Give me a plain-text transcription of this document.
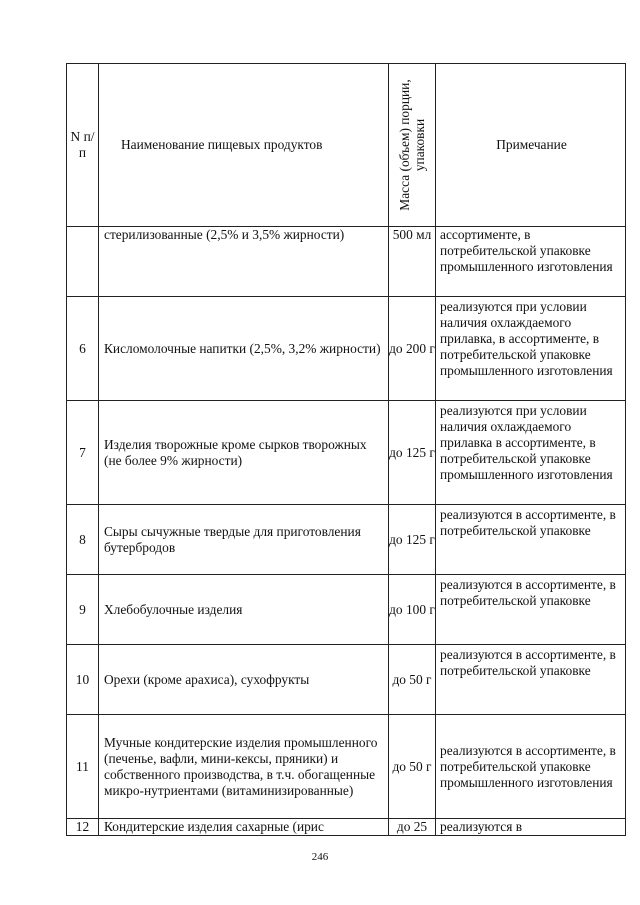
N п/п	Наименование пищевых продуктов	Масса (объем) порции, упаковки	Примечание
	стерилизованные (2,5% и 3,5% жирности)	500 мл	ассортименте, в потребительской упаковке промышленного изготовления
6	Кисломолочные напитки (2,5%, 3,2% жирности)	до 200 г	реализуются при условии наличия охлаждаемого прилавка, в ассортименте, в потребительской упаковке промышленного изготовления
7	Изделия творожные кроме сырков творожных (не более 9% жирности)	до 125 г	реализуются при условии наличия охлаждаемого прилавка в ассортименте, в потребительской упаковке промышленного изготовления
8	Сыры сычужные твердые для приготовления бутербродов	до 125 г	реализуются в ассортименте, в потребительской упаковке
9	Хлебобулочные изделия	до 100 г	реализуются в ассортименте, в потребительской упаковке
10	Орехи (кроме арахиса), сухофрукты	до 50 г	реализуются в ассортименте, в потребительской упаковке
11	Мучные кондитерские изделия промышленного (печенье, вафли, мини-кексы, пряники) и собственного производства, в т.ч. обогащенные микро-нутриентами (витаминизированные)	до 50 г	реализуются в ассортименте, в потребительской упаковке промышленного изготовления
12	Кондитерские изделия сахарные (ирис	до 25	реализуются в
246
